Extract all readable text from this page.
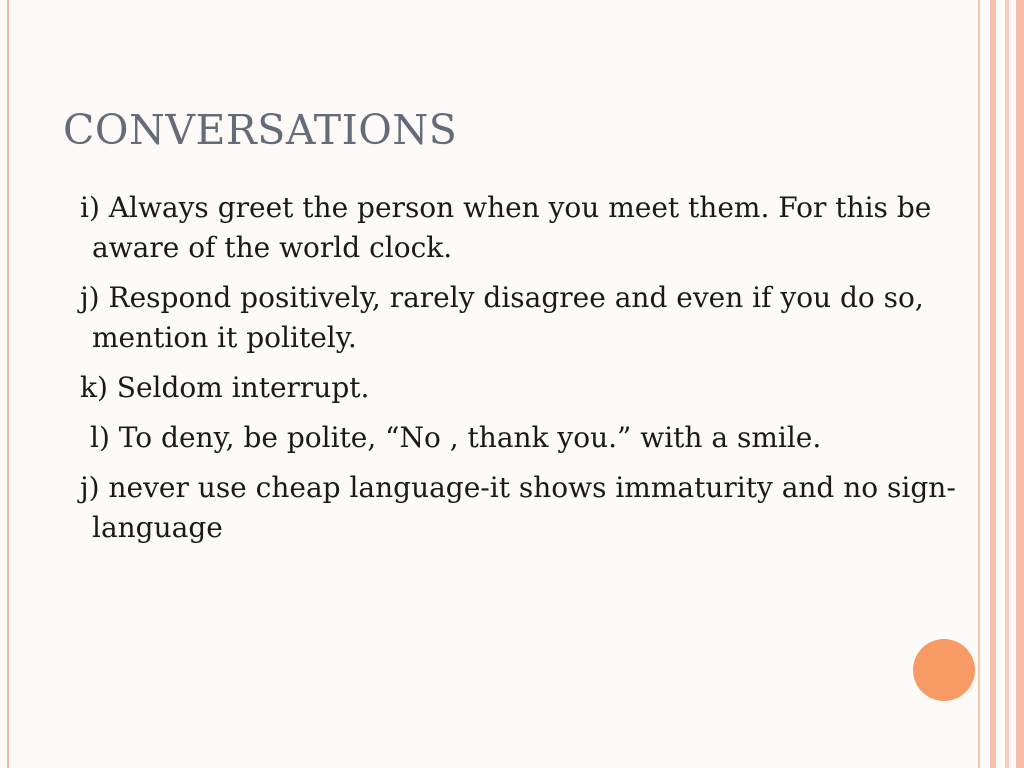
CONVERSATIONS

i) Always greet the person when you meet them. For this be aware of the world clock.

j) Respond positively, rarely disagree and even if you do so, mention it politely.

k) Seldom interrupt.

l) To deny, be polite, “No , thank you.” with a smile.

j) never use cheap language-it shows immaturity and no sign-language
